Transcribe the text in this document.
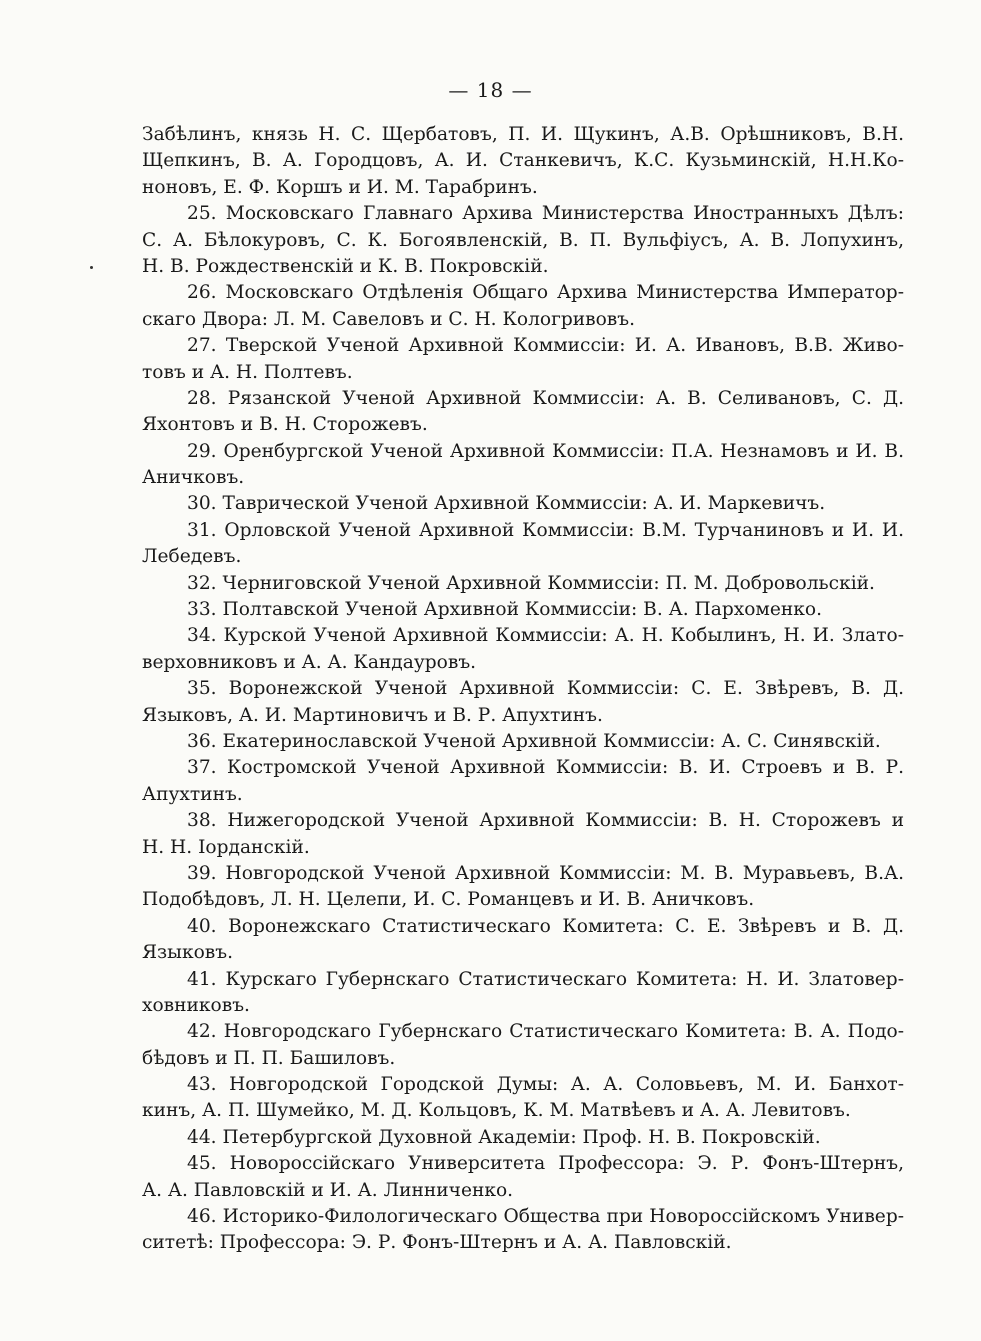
— 18 —
Забѣлинъ, князь Н. С. Щербатовъ, П. И. Щукинъ, А.В. Орѣшниковъ, В.Н.
Щепкинъ, В. А. Городцовъ, А. И. Станкевичъ, К.С. Кузьминскій, Н.Н.Ко-
ноновъ, Е. Ф. Коршъ и И. М. Тарабринъ.
25. Московскаго Главнаго Архива Министерства Иностранныхъ Дѣлъ:
С. А. Бѣлокуровъ, С. К. Богоявленскій, В. П. Вульфіусъ, А. В. Лопухинъ,
Н. В. Рождественскій и К. В. Покровскій.
26. Московскаго Отдѣленія Общаго Архива Министерства Император-
скаго Двора: Л. М. Савеловъ и С. Н. Кологривовъ.
27. Тверской Ученой Архивной Коммиссіи: И. А. Ивановъ, В.В. Живо-
товъ и А. Н. Полтевъ.
28. Рязанской Ученой Архивной Коммиссіи: А. В. Селивановъ, С. Д.
Яхонтовъ и В. Н. Сторожевъ.
29. Оренбургской Ученой Архивной Коммиссіи: П.А. Незнамовъ и И. В.
Аничковъ.
30. Таврической Ученой Архивной Коммиссіи: А. И. Маркевичъ.
31. Орловской Ученой Архивной Коммиссіи: В.М. Турчаниновъ и И. И.
Лебедевъ.
32. Черниговской Ученой Архивной Коммиссіи: П. М. Добровольскій.
33. Полтавской Ученой Архивной Коммиссіи: В. А. Пархоменко.
34. Курской Ученой Архивной Коммиссіи: А. Н. Кобылинъ, Н. И. Злато-
верховниковъ и А. А. Кандауровъ.
35. Воронежской Ученой Архивной Коммиссіи: С. Е. Звѣревъ, В. Д.
Языковъ, А. И. Мартиновичъ и В. Р. Апухтинъ.
36. Екатеринославской Ученой Архивной Коммиссіи: А. С. Синявскій.
37. Костромской Ученой Архивной Коммиссіи: В. И. Строевъ и В. Р.
Апухтинъ.
38. Нижегородской Ученой Архивной Коммиссіи: В. Н. Сторожевъ и
Н. Н. Іорданскій.
39. Новгородской Ученой Архивной Коммиссіи: М. В. Муравьевъ, В.А.
Подобѣдовъ, Л. Н. Целепи, И. С. Романцевъ и И. В. Аничковъ.
40. Воронежскаго Статистическаго Комитета: С. Е. Звѣревъ и В. Д.
Языковъ.
41. Курскаго Губернскаго Статистическаго Комитета: Н. И. Златовер-
ховниковъ.
42. Новгородскаго Губернскаго Статистическаго Комитета: В. А. Подо-
бѣдовъ и П. П. Башиловъ.
43. Новгородской Городской Думы: А. А. Соловьевъ, М. И. Банхот-
кинъ, А. П. Шумейко, М. Д. Кольцовъ, К. М. Матвѣевъ и А. А. Левитовъ.
44. Петербургской Духовной Академіи: Проф. Н. В. Покровскій.
45. Новороссійскаго Университета Профессора: Э. Р. Фонъ-Штернъ,
А. А. Павловскій и И. А. Линниченко.
46. Историко-Филологическаго Общества при Новороссійскомъ Универ-
ситетѣ: Профессора: Э. Р. Фонъ-Штернъ и А. А. Павловскій.
